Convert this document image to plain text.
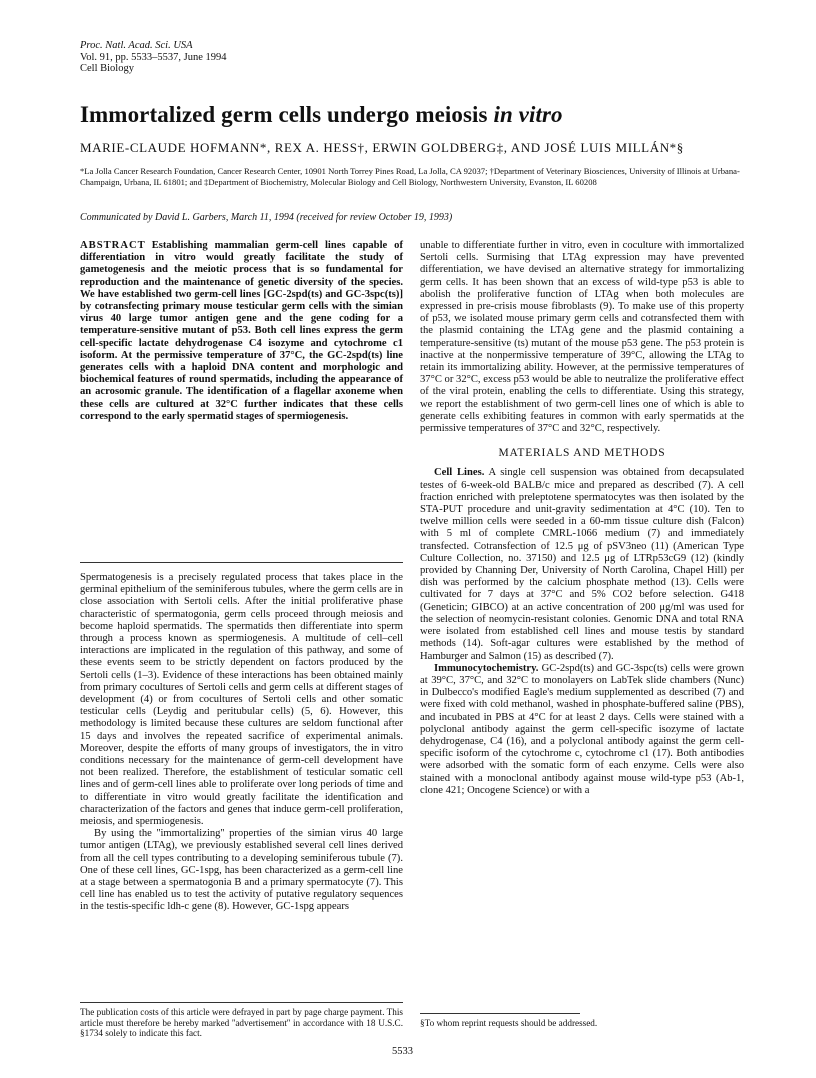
Proc. Natl. Acad. Sci. USA
Vol. 91, pp. 5533–5537, June 1994
Cell Biology
Immortalized germ cells undergo meiosis in vitro
MARIE-CLAUDE HOFMANN*, REX A. HESS†, ERWIN GOLDBERG‡, AND JOSÉ LUIS MILLÁN*§
*La Jolla Cancer Research Foundation, Cancer Research Center, 10901 North Torrey Pines Road, La Jolla, CA 92037; †Department of Veterinary Biosciences, University of Illinois at Urbana-Champaign, Urbana, IL 61801; and ‡Department of Biochemistry, Molecular Biology and Cell Biology, Northwestern University, Evanston, IL 60208
Communicated by David L. Garbers, March 11, 1994 (received for review October 19, 1993)
ABSTRACT Establishing mammalian germ-cell lines capable of differentiation in vitro would greatly facilitate the study of gametogenesis and the meiotic process that is so fundamental for reproduction and the maintenance of genetic diversity of the species. We have established two germ-cell lines [GC-2spd(ts) and GC-3spc(ts)] by cotransfecting primary mouse testicular germ cells with the simian virus 40 large tumor antigen gene and the gene coding for a temperature-sensitive mutant of p53. Both cell lines express the germ cell-specific lactate dehydrogenase C4 isozyme and cytochrome c1 isoform. At the permissive temperature of 37°C, the GC-2spd(ts) line generates cells with a haploid DNA content and morphologic and biochemical features of round spermatids, including the appearance of an acrosomic granule. The identification of a flagellar axoneme when these cells are cultured at 32°C further indicates that these cells correspond to the early spermatid stages of spermiogenesis.

Spermatogenesis is a precisely regulated process that takes place in the germinal epithelium of the seminiferous tubules, where the germ cells are in close association with Sertoli cells. After the initial proliferative phase characteristic of spermatogonia, germ cells proceed through meiosis and become haploid spermatids. The spermatids then differentiate into sperm through a process known as spermiogenesis. A multitude of cell–cell interactions are implicated in the regulation of this pathway, and some of these events seem to be strictly dependent on factors produced by the Sertoli cells (1–3). Evidence of these interactions has been obtained mainly from primary cocultures of Sertoli cells and germ cells at different stages of development (4) or from cocultures of Sertoli cells and other somatic testicular cells (Leydig and peritubular cells) (5, 6). However, this methodology is limited because these cultures are seldom functional after 15 days and involves the repeated sacrifice of experimental animals. Moreover, despite the efforts of many groups of investigators, the in vitro conditions necessary for the maintenance of germ-cell development have not been realized. Therefore, the establishment of testicular somatic cell lines and of germ-cell lines able to proliferate over long periods of time and to differentiate in vitro would greatly facilitate the identification and characterization of the factors and genes that induce germ-cell proliferation, meiosis, and spermiogenesis.

By using the ''immortalizing'' properties of the simian virus 40 large tumor antigen (LTAg), we previously established several cell lines derived from all the cell types contributing to a developing seminiferous tubule (7). One of these cell lines, GC-1spg, has been characterized as a germ-cell line at a stage between a spermatogonia B and a primary spermatocyte (7). This cell line has enabled us to test the activity of putative regulatory sequences in the testis-specific ldh-c gene (8). However, GC-1spg appears

unable to differentiate further in vitro, even in coculture with immortalized Sertoli cells. Surmising that LTAg expression may have prevented differentiation, we have devised an alternative strategy for immortalizing germ cells. It has been shown that an excess of wild-type p53 is able to abolish the proliferative function of LTAg when both molecules are expressed in pre-crisis mouse fibroblasts (9). To make use of this property of p53, we isolated mouse primary germ cells and cotransfected them with the plasmid containing the LTAg gene and the plasmid containing a temperature-sensitive (ts) mutant of the mouse p53 gene. The p53 protein is inactive at the nonpermissive temperature of 39°C, allowing the LTAg to retain its immortalizing ability. However, at the permissive temperatures of 37°C or 32°C, excess p53 would be able to neutralize the proliferative effect of the viral protein, enabling the cells to differentiate. Using this strategy, we report the establishment of two germ-cell lines one of which is able to generate cells exhibiting features in common with early spermatids at the permissive temperatures of 37°C and 32°C, respectively.

MATERIALS AND METHODS

Cell Lines. A single cell suspension was obtained from decapsulated testes of 6-week-old BALB/c mice and prepared as described (7). A cell fraction enriched with preleptotene spermatocytes was then isolated by the STA-PUT procedure and unit-gravity sedimentation at 4°C (10). Ten to twelve million cells were seeded in a 60-mm tissue culture dish (Falcon) with 5 ml of complete CMRL-1066 medium (7) and immediately transfected. Cotransfection of 12.5 μg of pSV3neo (11) (American Type Culture Collection, no. 37150) and 12.5 μg of LTRp53cG9 (12) (kindly provided by Channing Der, University of North Carolina, Chapel Hill) per dish was performed by the calcium phosphate method (13). Cells were cultivated for 7 days at 37°C and 5% CO2 before selection. G418 (Geneticin; GIBCO) at an active concentration of 200 μg/ml was used for the selection of neomycin-resistant colonies. Genomic DNA and total RNA were isolated from established cell lines and mouse testis by standard methods (14). Soft-agar cultures were established by the method of Hamburger and Salmon (15) as described (7).

Immunocytochemistry. GC-2spd(ts) and GC-3spc(ts) cells were grown at 39°C, 37°C, and 32°C to monolayers on LabTek slide chambers (Nunc) in Dulbecco's modified Eagle's medium supplemented as described (7) and were fixed with cold methanol, washed in phosphate-buffered saline (PBS), and incubated in PBS at 4°C for at least 2 days. Cells were stained with a polyclonal antibody against the germ cell-specific isozyme of lactate dehydrogenase, C4 (16), and a polyclonal antibody against the germ cell-specific isoform of the cytochrome c, cytochrome c1 (17). Both antibodies were adsorbed with the somatic form of each enzyme. Cells were also stained with a monoclonal antibody against mouse wild-type p53 (Ab-1, clone 421; Oncogene Science) or with a

The publication costs of this article were defrayed in part by page charge payment. This article must therefore be hereby marked ''advertisement'' in accordance with 18 U.S.C. §1734 solely to indicate this fact.
§To whom reprint requests should be addressed.
5533
